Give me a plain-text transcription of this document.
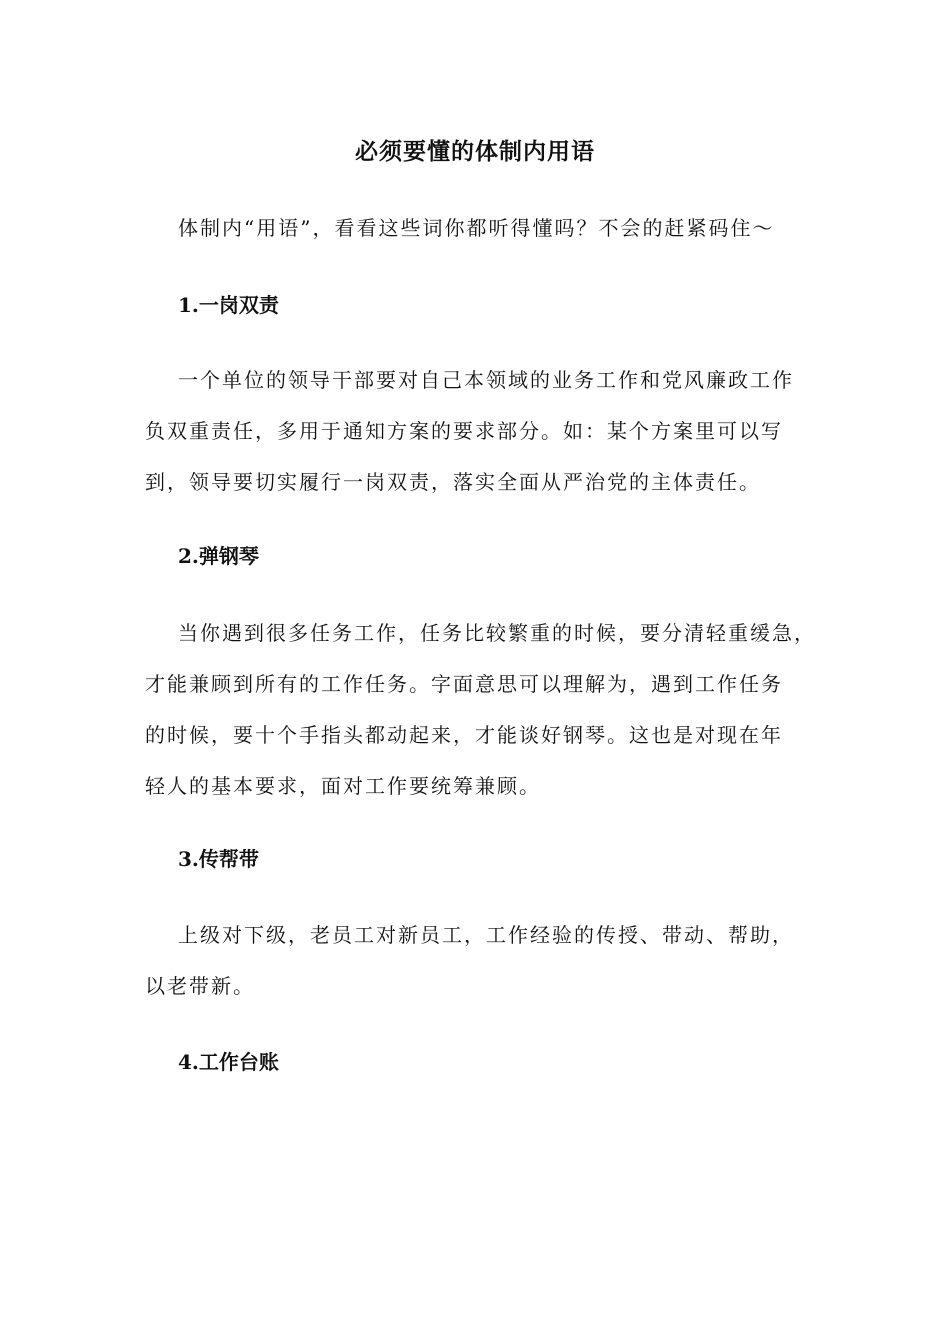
必须要懂的体制内用语
体制内“用语”，看看这些词你都听得懂吗？不会的赶紧码住～
1.一岗双责
一个单位的领导干部要对自己本领域的业务工作和党风廉政工作
负双重责任，多用于通知方案的要求部分。如：某个方案里可以写
到，领导要切实履行一岗双责，落实全面从严治党的主体责任。
2.弹钢琴
当你遇到很多任务工作，任务比较繁重的时候，要分清轻重缓急，
才能兼顾到所有的工作任务。字面意思可以理解为，遇到工作任务
的时候，要十个手指头都动起来，才能谈好钢琴。这也是对现在年
轻人的基本要求，面对工作要统筹兼顾。
3.传帮带
上级对下级，老员工对新员工，工作经验的传授、带动、帮助，
以老带新。
4.工作台账
